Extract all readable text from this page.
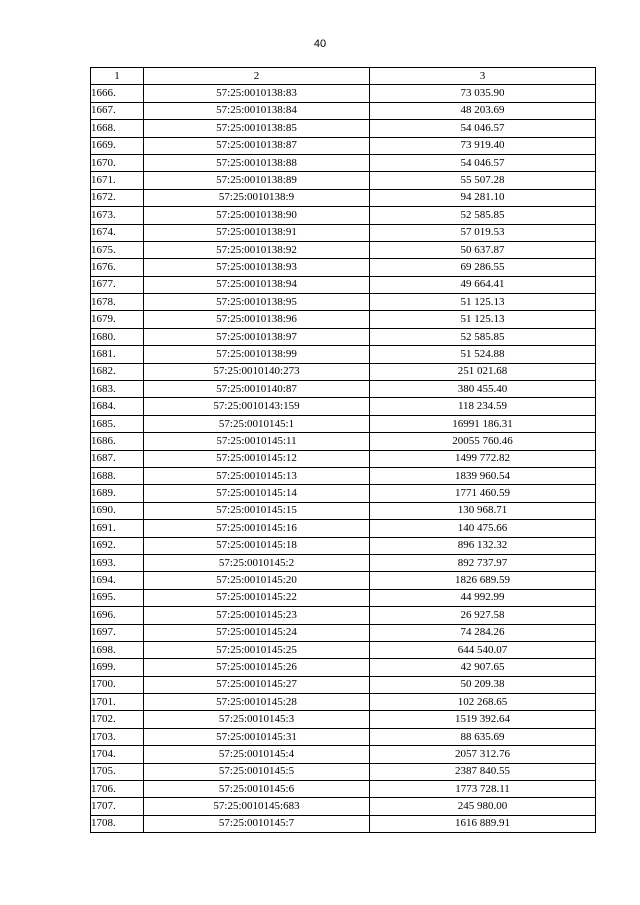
40
1	2	3
1666.	57:25:0010138:83	73 035.90
1667.	57:25:0010138:84	48 203.69
1668.	57:25:0010138:85	54 046.57
1669.	57:25:0010138:87	73 919.40
1670.	57:25:0010138:88	54 046.57
1671.	57:25:0010138:89	55 507.28
1672.	57:25:0010138:9	94 281.10
1673.	57:25:0010138:90	52 585.85
1674.	57:25:0010138:91	57 019.53
1675.	57:25:0010138:92	50 637.87
1676.	57:25:0010138:93	69 286.55
1677.	57:25:0010138:94	49 664.41
1678.	57:25:0010138:95	51 125.13
1679.	57:25:0010138:96	51 125.13
1680.	57:25:0010138:97	52 585.85
1681.	57:25:0010138:99	51 524.88
1682.	57:25:0010140:273	251 021.68
1683.	57:25:0010140:87	380 455.40
1684.	57:25:0010143:159	118 234.59
1685.	57:25:0010145:1	16991 186.31
1686.	57:25:0010145:11	20055 760.46
1687.	57:25:0010145:12	1499 772.82
1688.	57:25:0010145:13	1839 960.54
1689.	57:25:0010145:14	1771 460.59
1690.	57:25:0010145:15	130 968.71
1691.	57:25:0010145:16	140 475.66
1692.	57:25:0010145:18	896 132.32
1693.	57:25:0010145:2	892 737.97
1694.	57:25:0010145:20	1826 689.59
1695.	57:25:0010145:22	44 992.99
1696.	57:25:0010145:23	26 927.58
1697.	57:25:0010145:24	74 284.26
1698.	57:25:0010145:25	644 540.07
1699.	57:25:0010145:26	42 907.65
1700.	57:25:0010145:27	50 209.38
1701.	57:25:0010145:28	102 268.65
1702.	57:25:0010145:3	1519 392.64
1703.	57:25:0010145:31	88 635.69
1704.	57:25:0010145:4	2057 312.76
1705.	57:25:0010145:5	2387 840.55
1706.	57:25:0010145:6	1773 728.11
1707.	57:25:0010145:683	245 980.00
1708.	57:25:0010145:7	1616 889.91
